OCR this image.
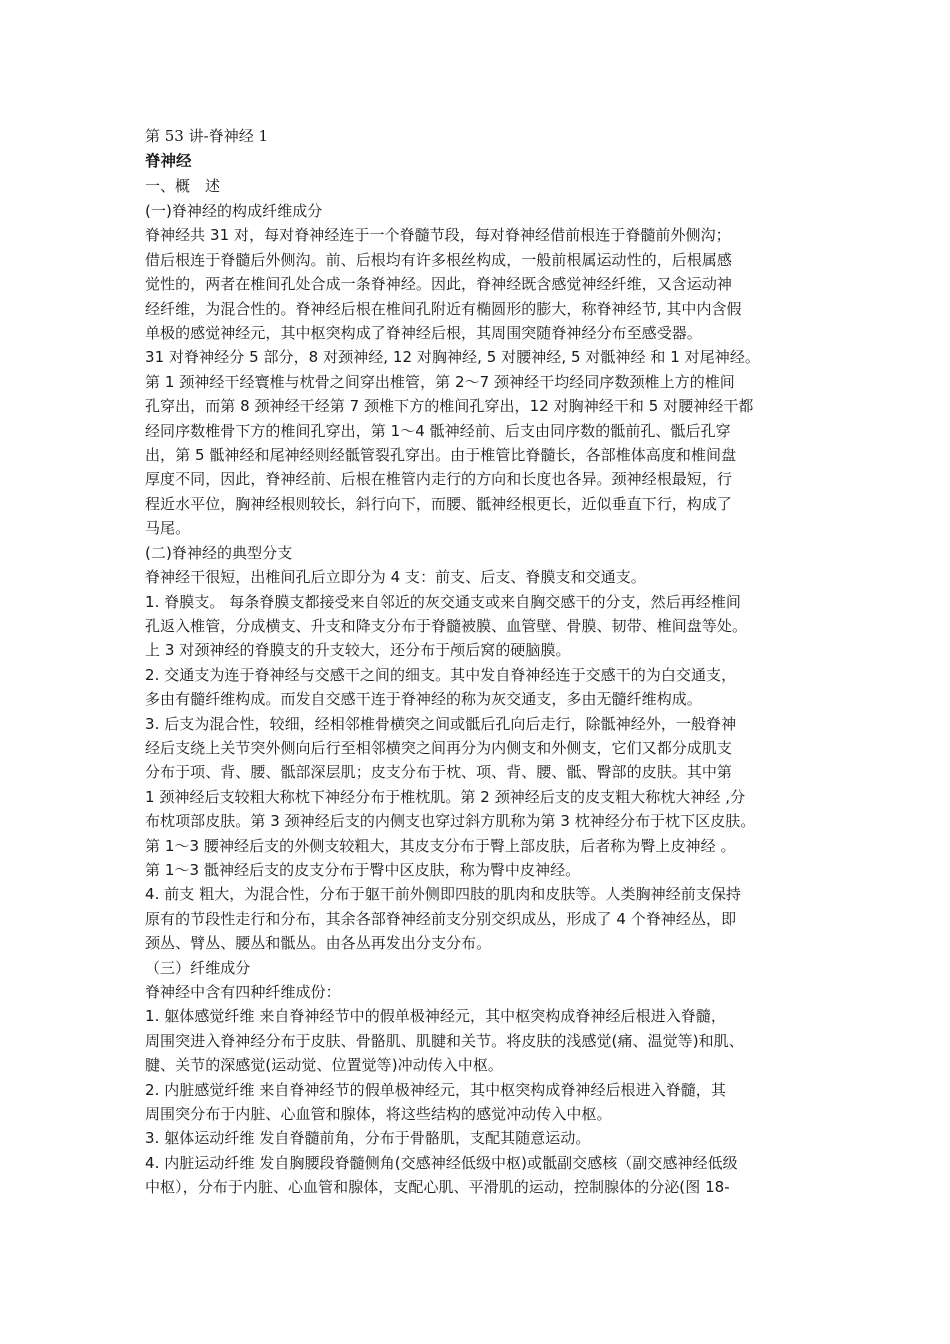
第 53 讲-脊神经 1
脊神经
一、概　述
(一)脊神经的构成纤维成分
脊神经共 31 对，每对脊神经连于一个脊髓节段，每对脊神经借前根连于脊髓前外侧沟；
借后根连于脊髓后外侧沟。前、后根均有许多根丝构成，一般前根属运动性的，后根属感
觉性的，两者在椎间孔处合成一条脊神经。因此，脊神经既含感觉神经纤维，又含运动神
经纤维，为混合性的。脊神经后根在椎间孔附近有椭圆形的膨大，称脊神经节, 其中内含假
单极的感觉神经元，其中枢突构成了脊神经后根，其周围突随脊神经分布至感受器。
31 对脊神经分 5 部分，8 对颈神经, 12 对胸神经, 5 对腰神经, 5 对骶神经 和 1 对尾神经。
第 1 颈神经干经寰椎与枕骨之间穿出椎管，第 2～7 颈神经干均经同序数颈椎上方的椎间
孔穿出，而第 8 颈神经干经第 7 颈椎下方的椎间孔穿出，12 对胸神经干和 5 对腰神经干都
经同序数椎骨下方的椎间孔穿出，第 1～4 骶神经前、后支由同序数的骶前孔、骶后孔穿
出，第 5 骶神经和尾神经则经骶管裂孔穿出。由于椎管比脊髓长，各部椎体高度和椎间盘
厚度不同，因此，脊神经前、后根在椎管内走行的方向和长度也各异。颈神经根最短，行
程近水平位，胸神经根则较长，斜行向下，而腰、骶神经根更长，近似垂直下行，构成了
马尾。
(二)脊神经的典型分支
脊神经干很短，出椎间孔后立即分为 4 支：前支、后支、脊膜支和交通支。
1. 脊膜支。 每条脊膜支都接受来自邻近的灰交通支或来自胸交感干的分支，然后再经椎间
孔返入椎管，分成横支、升支和降支分布于脊髓被膜、血管壁、骨膜、韧带、椎间盘等处。
上 3 对颈神经的脊膜支的升支较大，还分布于颅后窝的硬脑膜。
2. 交通支为连于脊神经与交感干之间的细支。其中发自脊神经连于交感干的为白交通支，
多由有髓纤维构成。而发自交感干连于脊神经的称为灰交通支，多由无髓纤维构成。
3. 后支为混合性，较细，经相邻椎骨横突之间或骶后孔向后走行，除骶神经外，一般脊神
经后支绕上关节突外侧向后行至相邻横突之间再分为内侧支和外侧支，它们又都分成肌支
分布于项、背、腰、骶部深层肌；皮支分布于枕、项、背、腰、骶、臀部的皮肤。其中第
1 颈神经后支较粗大称枕下神经分布于椎枕肌。第 2 颈神经后支的皮支粗大称枕大神经 ,分
布枕项部皮肤。第 3 颈神经后支的内侧支也穿过斜方肌称为第 3 枕神经分布于枕下区皮肤。
第 1～3 腰神经后支的外侧支较粗大，其皮支分布于臀上部皮肤，后者称为臀上皮神经 。
第 1～3 骶神经后支的皮支分布于臀中区皮肤，称为臀中皮神经。
4. 前支 粗大，为混合性，分布于躯干前外侧即四肢的肌肉和皮肤等。人类胸神经前支保持
原有的节段性走行和分布，其余各部脊神经前支分别交织成丛，形成了 4 个脊神经丛，即
颈丛、臂丛、腰丛和骶丛。由各丛再发出分支分布。
（三）纤维成分
脊神经中含有四种纤维成份：
1. 躯体感觉纤维 来自脊神经节中的假单极神经元，其中枢突构成脊神经后根进入脊髓，
周围突进入脊神经分布于皮肤、骨骼肌、肌腱和关节。将皮肤的浅感觉(痛、温觉等)和肌、
腱、关节的深感觉(运动觉、位置觉等)冲动传入中枢。
2. 内脏感觉纤维 来自脊神经节的假单极神经元，其中枢突构成脊神经后根进入脊髓，其
周围突分布于内脏、心血管和腺体，将这些结构的感觉冲动传入中枢。
3. 躯体运动纤维 发自脊髓前角，分布于骨骼肌，支配其随意运动。
4. 内脏运动纤维 发自胸腰段脊髓侧角(交感神经低级中枢)或骶副交感核（副交感神经低级
中枢），分布于内脏、心血管和腺体，支配心肌、平滑肌的运动，控制腺体的分泌(图 18-
